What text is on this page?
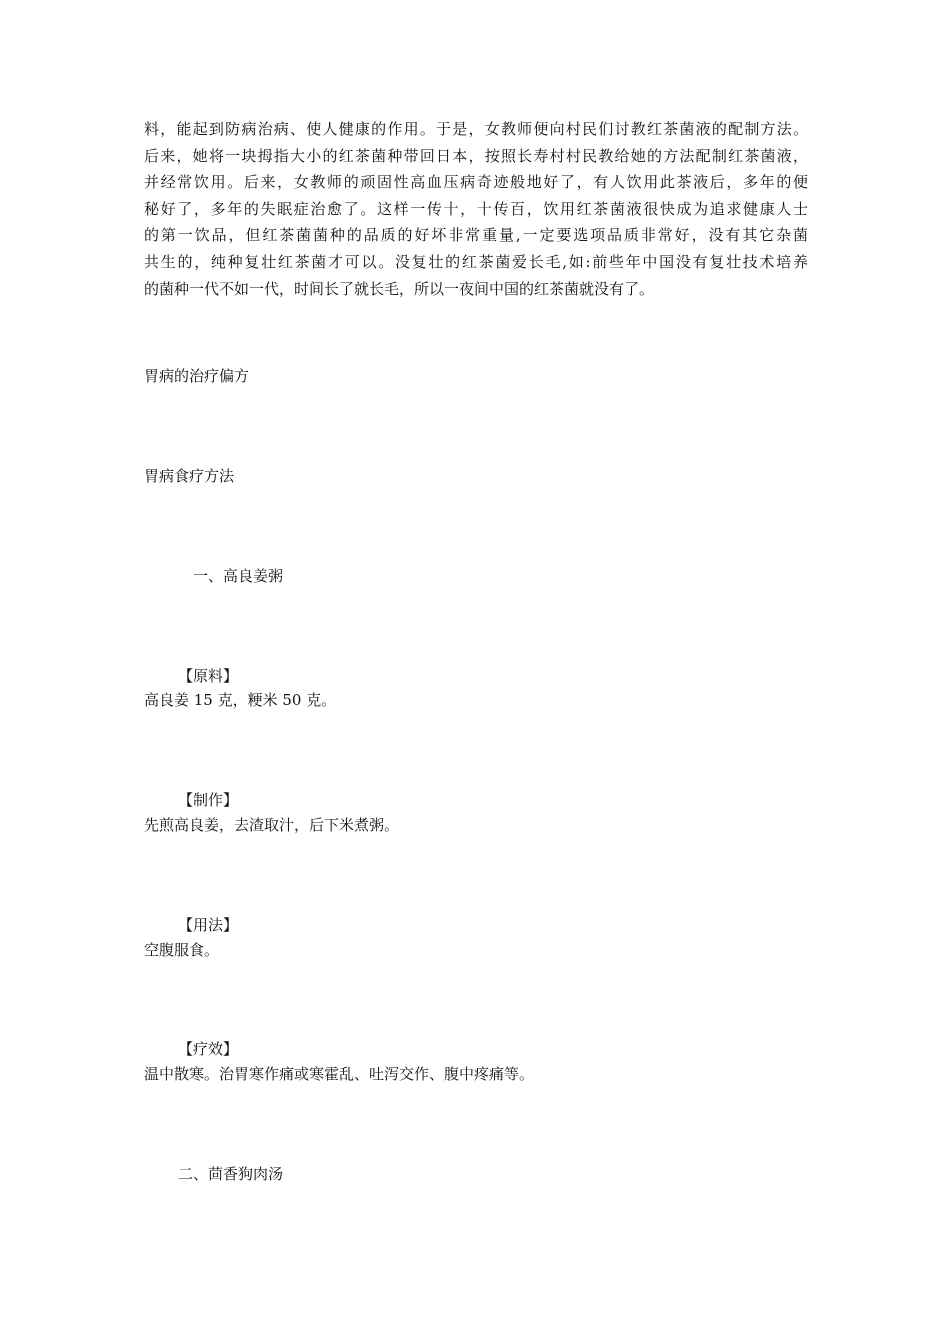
料，能起到防病治病、使人健康的作用。于是，女教师便向村民们讨教红茶菌液的配制方法。
后来，她将一块拇指大小的红茶菌种带回日本，按照长寿村村民教给她的方法配制红茶菌液，
并经常饮用。后来，女教师的顽固性高血压病奇迹般地好了，有人饮用此茶液后，多年的便
秘好了，多年的失眠症治愈了。这样一传十，十传百，饮用红茶菌液很快成为追求健康人士
的第一饮品，但红茶菌菌种的品质的好坏非常重量,一定要选项品质非常好，没有其它杂菌
共生的，纯种复壮红茶菌才可以。没复壮的红茶菌爱长毛,如:前些年中国没有复壮技术培养
的菌种一代不如一代，时间长了就长毛，所以一夜间中国的红茶菌就没有了。
胃病的治疗偏方
胃病食疗方法
一、高良姜粥
【原料】
高良姜 15 克，粳米 50 克。
【制作】
先煎高良姜，去渣取汁，后下米煮粥。
【用法】
空腹服食。
【疗效】
温中散寒。治胃寒作痛或寒霍乱、吐泻交作、腹中疼痛等。
二、茴香狗肉汤
